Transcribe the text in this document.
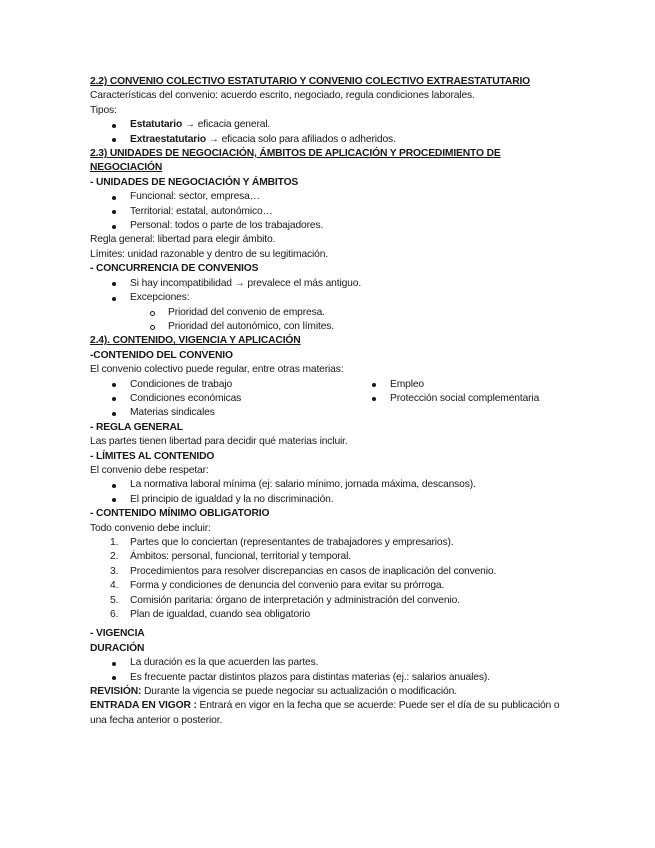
2.2) CONVENIO COLECTIVO ESTATUTARIO Y CONVENIO COLECTIVO EXTRAESTATUTARIO

Características del convenio: acuerdo escrito, negociado, regula condiciones laborales.

Tipos:

Estatutario → eficacia general.
Extraestatutario → eficacia solo para afiliados o adheridos.

2.3) UNIDADES DE NEGOCIACIÓN, ÁMBITOS DE APLICACIÓN Y PROCEDIMIENTO DE NEGOCIACIÓN

- UNIDADES DE NEGOCIACIÓN Y ÁMBITOS

Funcional: sector, empresa…
Territorial: estatal, autonómico…
Personal: todos o parte de los trabajadores.

Regla general: libertad para elegir ámbito.

Límites: unidad razonable y dentro de su legitimación.

- CONCURRENCIA DE CONVENIOS

Si hay incompatibilidad → prevalece el más antiguo.
Excepciones:
Prioridad del convenio de empresa.
Prioridad del autonómico, con límites.

2.4). CONTENIDO, VIGENCIA Y APLICACIÓN

-CONTENIDO DEL CONVENIO

El convenio colectivo puede regular, entre otras materias:

Condiciones de trabajo
Condiciones económicas
Materias sindicales
Empleo
Protección social complementaria

- REGLA GENERAL

Las partes tienen libertad para decidir qué materias incluir.

- LÍMITES AL CONTENIDO

El convenio debe respetar:

La normativa laboral mínima (ej: salario mínimo, jornada máxima, descansos).
El principio de igualdad y la no discriminación.

- CONTENIDO MÍNIMO OBLIGATORIO

Todo convenio debe incluir:

1. Partes que lo conciertan (representantes de trabajadores y empresarios).
2. Ámbitos: personal, funcional, territorial y temporal.
3. Procedimientos para resolver discrepancias en casos de inaplicación del convenio.
4. Forma y condiciones de denuncia del convenio para evitar su prórroga.
5. Comisión paritaria: órgano de interpretación y administración del convenio.
6. Plan de igualdad, cuando sea obligatorio

- VIGENCIA

DURACIÓN

La duración es la que acuerden las partes.
Es frecuente pactar distintos plazos para distintas materias (ej.: salarios anuales).

REVISIÓN: Durante la vigencia se puede negociar su actualización o modificación.

ENTRADA EN VIGOR : Entrará en vigor en la fecha que se acuerde: Puede ser el día de su publicación o una fecha anterior o posterior.
